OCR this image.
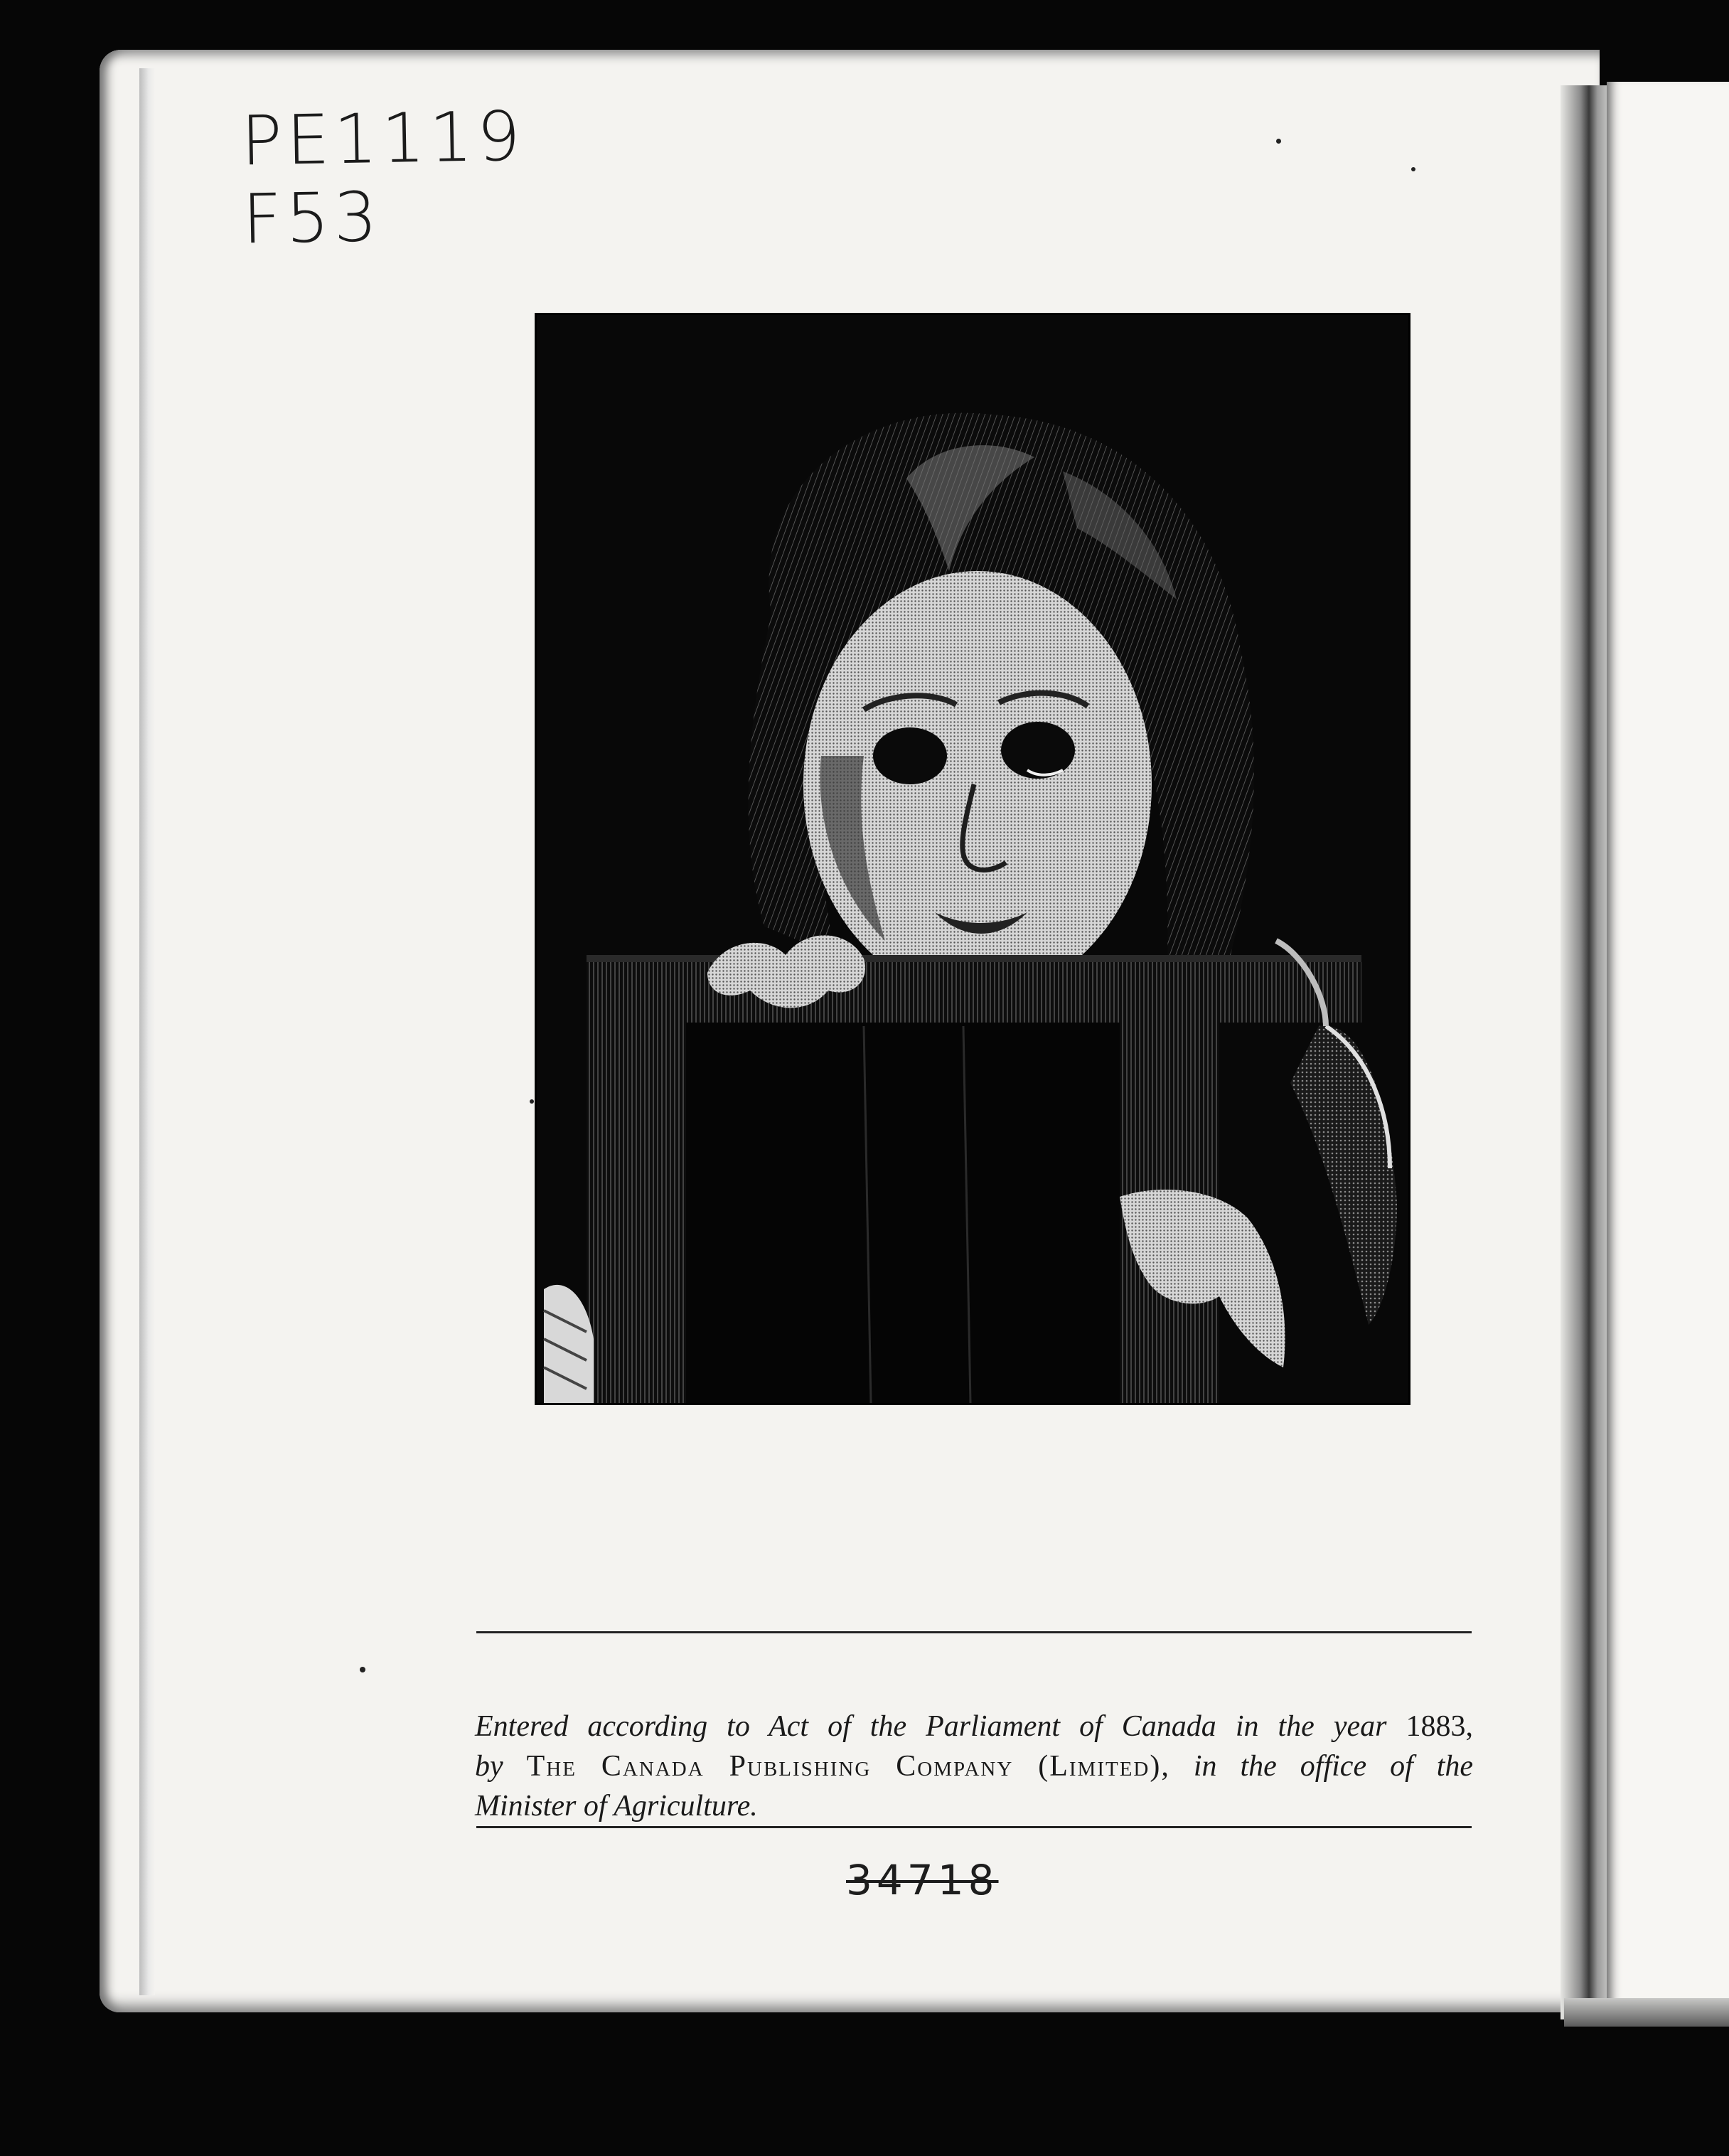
PE1119
F53

Entered according to Act of the Parliament of Canada in the year 1883,
by The Canada Publishing Company (Limited), in the office of the
Minister of Agriculture.

34718
